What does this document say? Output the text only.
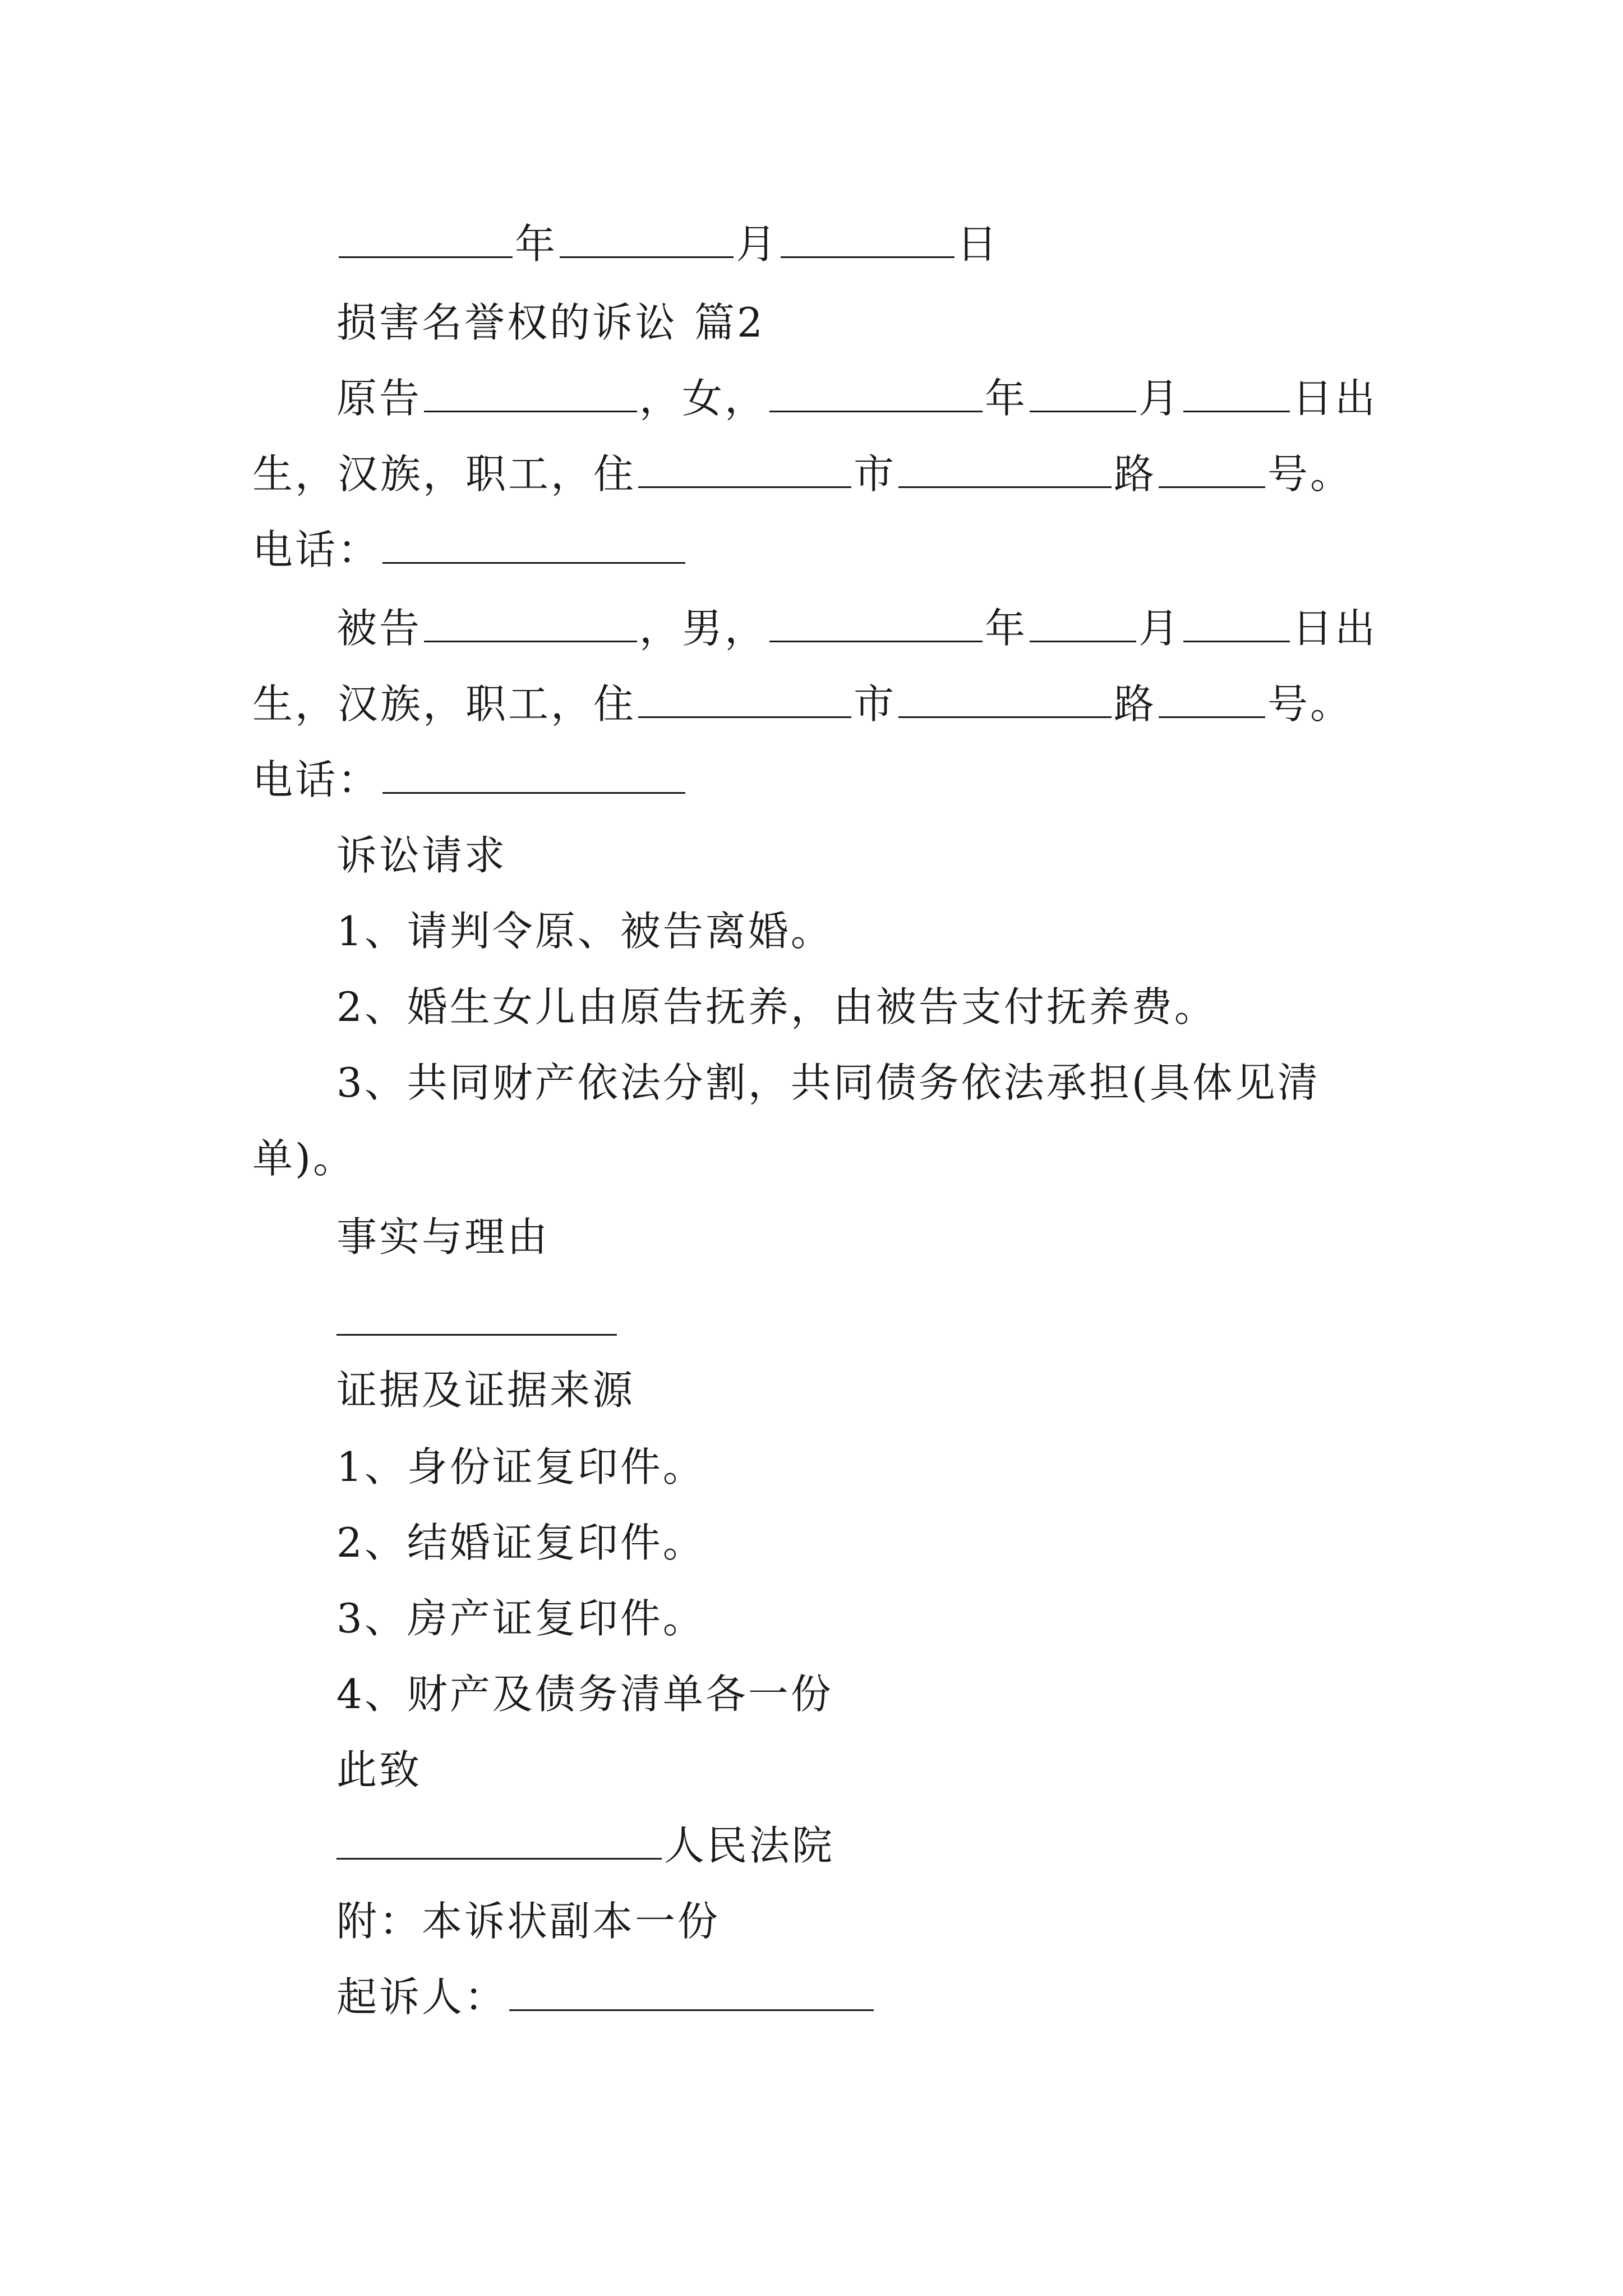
年	月	日
损害名誉权的诉讼 篇2
原告	，女，	年	月	日出
生，汉族，职工，住	市	路	号。
电话：
被告	，男，	年	月	日出
生，汉族，职工，住	市	路	号。
电话：
诉讼请求
1、请判令原、被告离婚。
2、婚生女儿由原告抚养，由被告支付抚养费。
3、共同财产依法分割，共同债务依法承担(具体见清
单)。
事实与理由
证据及证据来源
1、身份证复印件。
2、结婚证复印件。
3、房产证复印件。
4、财产及债务清单各一份
此致
人民法院
附：本诉状副本一份
起诉人：
